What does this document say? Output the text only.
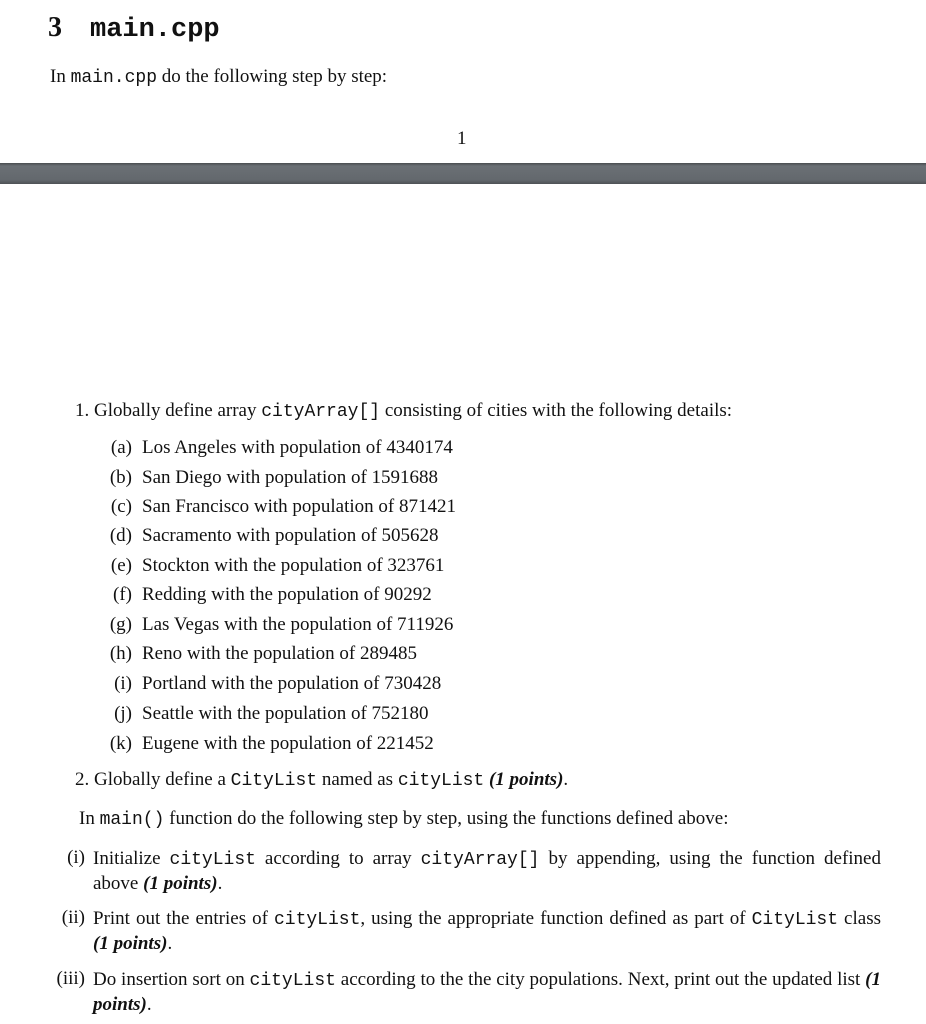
3 main.cpp
In main.cpp do the following step by step:
1
1. Globally define array cityArray[] consisting of cities with the following details:
(a) Los Angeles with population of 4340174
(b) San Diego with population of 1591688
(c) San Francisco with population of 871421
(d) Sacramento with population of 505628
(e) Stockton with the population of 323761
(f) Redding with the population of 90292
(g) Las Vegas with the population of 711926
(h) Reno with the population of 289485
(i) Portland with the population of 730428
(j) Seattle with the population of 752180
(k) Eugene with the population of 221452
2. Globally define a CityList named as cityList (1 points).
In main() function do the following step by step, using the functions defined above:
(i) Initialize cityList according to array cityArray[] by appending, using the function defined above (1 points).
(ii) Print out the entries of cityList, using the appropriate function defined as part of CityList class (1 points).
(iii) Do insertion sort on cityList according to the the city populations. Next, print out the updated list (1 points).
